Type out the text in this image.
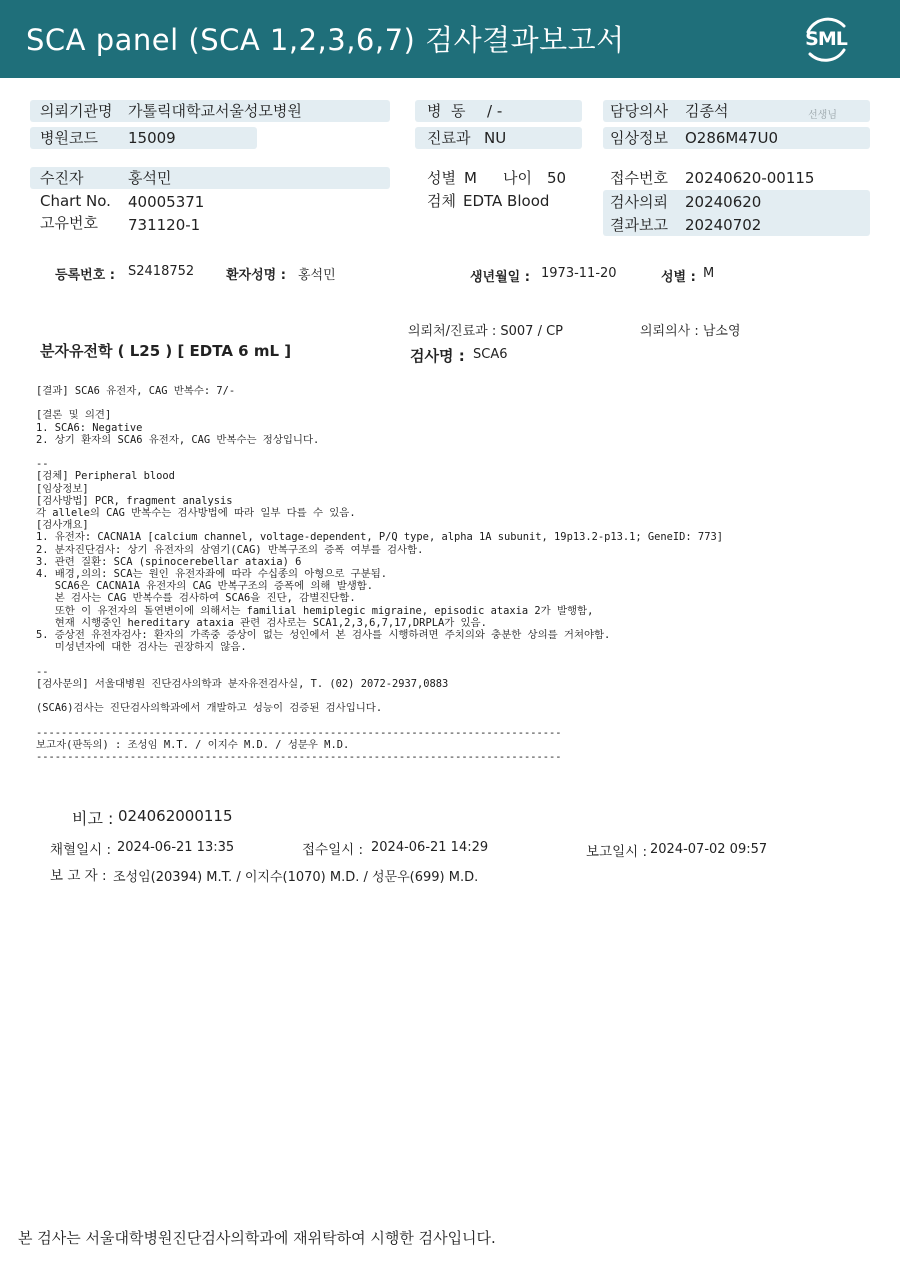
SCA panel (SCA 1,2,3,6,7) 검사결과보고서	SML
의뢰기관명 가톨릭대학교서울성모병원
병원코드 15009
병  동 / -
진료과 NU
담당의사 김종석	선생님
임상정보 O286M47U0
수진자	홍석민
Chart No. 40005371
고유번호 731120-1
성별 M 나이 50
검체 EDTA Blood
접수번호 20240620-00115
검사의뢰 20240620
결과보고 20240702
등록번호 : S2418752 환자성명 : 홍석민	생년월일 : 1973-11-20	성별 : M
의뢰처/진료과 : S007 / CP	의뢰의사 : 남소영
분자유전학 ( L25 ) [ EDTA 6 mL ]	검사명 : SCA6
[결과] SCA6 유전자, CAG 반복수: 7/-

[결론 및 의견]
1. SCA6: Negative
2. 상기 환자의 SCA6 유전자, CAG 반복수는 정상입니다.

--
[검체] Peripheral blood
[임상정보]
[검사방법] PCR, fragment analysis
각 allele의 CAG 반복수는 검사방법에 따라 일부 다를 수 있음.
[검사개요]
1. 유전자: CACNA1A [calcium channel, voltage-dependent, P/Q type, alpha 1A subunit, 19p13.2-p13.1; GeneID: 773]
2. 분자진단검사: 상기 유전자의 삼염기(CAG) 반복구조의 증폭 여부를 검사함.
3. 관련 질환: SCA (spinocerebellar ataxia) 6
4. 배경,의의: SCA는 원인 유전자좌에 따라 수십종의 아형으로 구분됨.
SCA6은 CACNA1A 유전자의 CAG 반복구조의 증폭에 의해 발생함.
본 검사는 CAG 반복수를 검사하여 SCA6을 진단, 감별진단함.
또한 이 유전자의 돌연변이에 의해서는 familial hemiplegic migraine, episodic ataxia 2가 발행함,
현재 시행중인 hereditary ataxia 관련 검사로는 SCA1,2,3,6,7,17,DRPLA가 있음.
5. 증상전 유전자검사: 환자의 가족중 증상이 없는 성인에서 본 검사를 시행하려면 주치의와 충분한 상의를 거쳐야함.
미성년자에 대한 검사는 권장하지 않음.

--
[검사문의] 서울대병원 진단검사의학과 분자유전검사실, T. (02) 2072-2937,0883

(SCA6)검사는 진단검사의학과에서 개발하고 성능이 검증된 검사입니다.

------------------------------------------------------------------------------------
보고자(판독의) : 조성임 M.T. / 이지수 M.D. / 성문우 M.D.
------------------------------------------------------------------------------------
비고 : 024062000115
채혈일시 : 2024-06-21 13:35	접수일시 : 2024-06-21 14:29	보고일시 : 2024-07-02 09:57
보 고 자 : 조성임(20394) M.T. / 이지수(1070) M.D. / 성문우(699) M.D.
본 검사는 서울대학병원진단검사의학과에 재위탁하여 시행한 검사입니다.
